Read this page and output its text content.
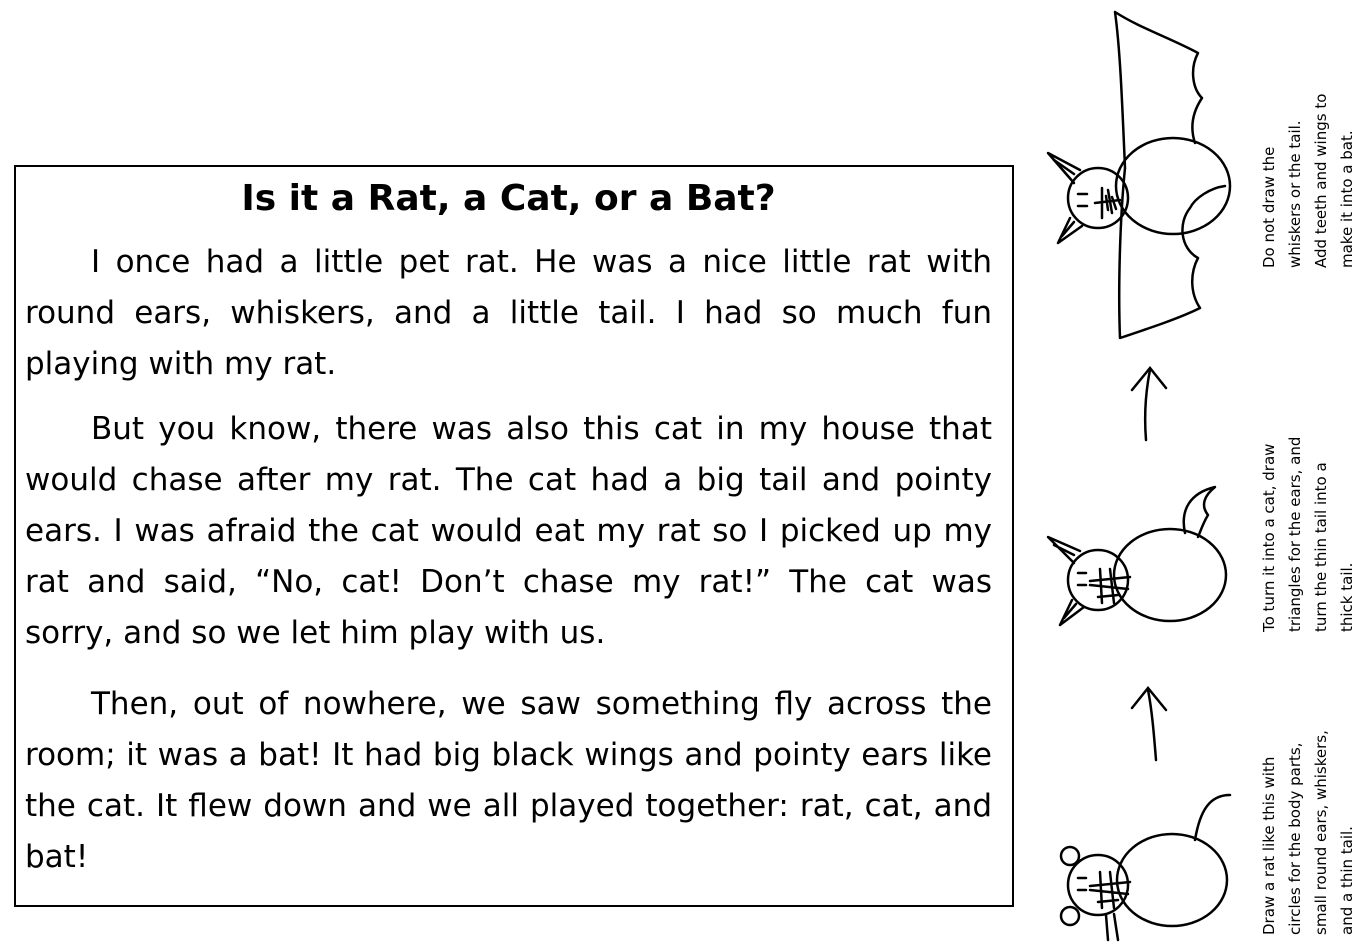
Is it a Rat, a Cat, or a Bat?

I once had a little pet rat. He was a nice little rat with round ears, whiskers, and a little tail. I had so much fun playing with my rat.

But you know, there was also this cat in my house that would chase after my rat. The cat had a big tail and pointy ears. I was afraid the cat would eat my rat so I picked up my rat and said, “No, cat! Don’t chase my rat!” The cat was sorry, and so we let him play with us.

Then, out of nowhere, we saw something fly across the room; it was a bat! It had big black wings and pointy ears like the cat. It flew down and we all played together: rat, cat, and bat!

Do not draw the whiskers or the tail. Add teeth and wings to make it into a bat.
To turn it into a cat, draw triangles for the ears, and turn the thin tail into a thick tail.
Draw a rat like this with circles for the body parts, small round ears, whiskers, and a thin tail.
